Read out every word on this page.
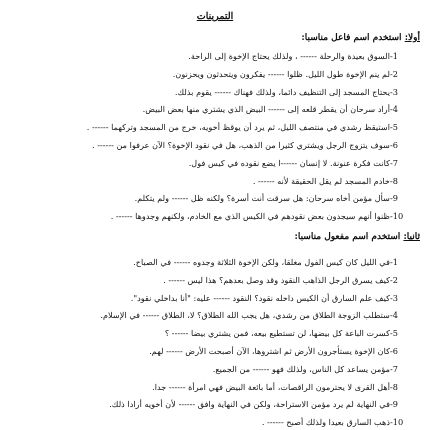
التمرينات
أولا: استخدم اسم فاعل مناسبا:
1-السوق بعيدة والرحلة ------ ، ولذلك يحتاج الإخوة إلى الراحة.
2-لم ينم الإخوة طول الليل. ظلوا ------ يفكرون ويتحدثون ويحزنون.
3-يحتاج المسجد إلى التنظيف دائما، ولذلك فهناك ------ يقوم بذلك.
4-أراد سرحان أن يقطر قلعه إلى ------ البيض الذي يشتري منها بعض البيض.
5-استيقظ رشدي في منتصف الليل، ثم يرد أن يوقظ أخويه، خرج من المسجد وتركهما ------ .
6-سوف يتزوج الرجل ويشتري كثيرا من الذهب، هل في نقود الإخوة؟ الآن عرفوا من ------ .
7-كانت فكرة عنونة. لا إنسان ------ا يضع نقوده في كيس فول.
8-خادم المسجد لم يقل الحقيقة لأنه ------ .
9-سأل مؤمن أخاه سرحان: هل سرقت أنت أسرة؟ ولكنه ظل ------ ولم يتكلم.
10-ظنوا أنهم سيجدون بعض نقودهم في الكيس الذي مع الخادم، ولكنهم وجدوها ------ .
ثانيا: استخدم اسم مفعول مناسبا:
1-في الليل كان كيس الفول مغلقا، ولكن الإخوة الثلاثة وجدوه ------ في الصباح.
2-كيف يسرق الرجل الذاهب النقود وقد وصل بعدهم؟ هذا ليس ------ .
3-كيف علم السارق أن الكيس داخله نقود؟ النقود ------ عليه: "أنا بداخلي نقود".
4-ستطلب الزوجة الطلاق من رشدي، هل يجب الله الطلاق؟ لا، الطلاق ------ في الإسلام.
5-كسرت الباعة كل بيضها، لن تستطيع بيعه، فمن يشتري بيضا ------ ؟
6-كان الإخوة يستأجرون الأرض ثم اشتروها، الآن أصبحت الأرض ------ لهم.
7-مؤمن يساعد كل الناس، ولذلك فهو ------ من الجميع.
8-أهل القرى لا يحترمون الراقصات، أما بائعة البيض فهي امرأة ------ جدا.
9-في النهاية لم يرد مؤمن الاستراحة، ولكن في النهاية وافق ------ لأن أخويه أرادا ذلك.
10-ذهب السارق بعيدا ولذلك أصبح ------ .
